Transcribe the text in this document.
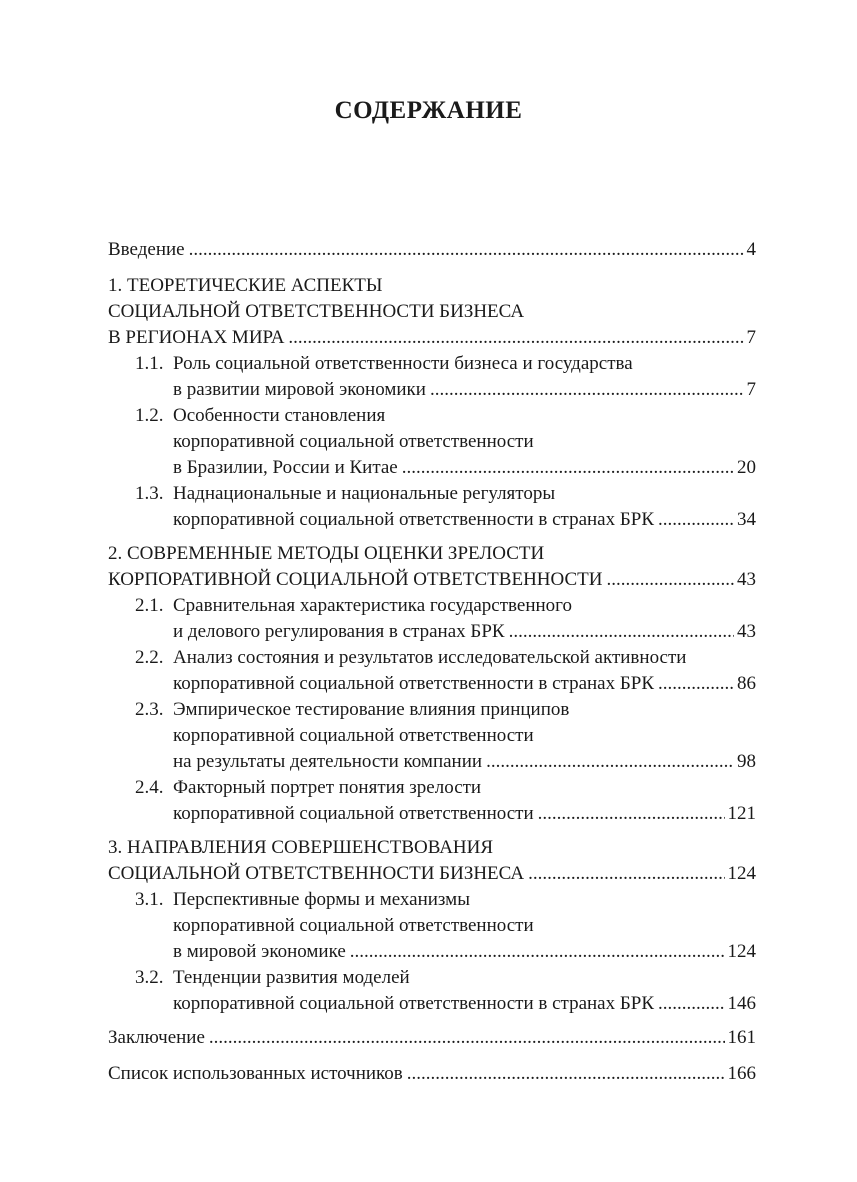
СОДЕРЖАНИЕ
Введение .....	4
1. ТЕОРЕТИЧЕСКИЕ АСПЕКТЫ
СОЦИАЛЬНОЙ ОТВЕТСТВЕННОСТИ БИЗНЕСА
В РЕГИОНАХ МИРА .....	7
1.1. Роль социальной ответственности бизнеса и государства
в развитии мировой экономики .....	7
1.2. Особенности становления
корпоративной социальной ответственности
в Бразилии, России и Китае .....	20
1.3. Наднациональные и национальные регуляторы
корпоративной социальной ответственности в странах БРК .....	34
2. СОВРЕМЕННЫЕ МЕТОДЫ ОЦЕНКИ ЗРЕЛОСТИ
КОРПОРАТИВНОЙ СОЦИАЛЬНОЙ ОТВЕТСТВЕННОСТИ .....	43
2.1. Сравнительная характеристика государственного
и делового регулирования в странах БРК .....	43
2.2. Анализ состояния и результатов исследовательской активности
корпоративной социальной ответственности в странах БРК .....	86
2.3. Эмпирическое тестирование влияния принципов
корпоративной социальной ответственности
на результаты деятельности компании .....	98
2.4. Факторный портрет понятия зрелости
корпоративной социальной ответственности .....	121
3. НАПРАВЛЕНИЯ СОВЕРШЕНСТВОВАНИЯ
СОЦИАЛЬНОЙ ОТВЕТСТВЕННОСТИ БИЗНЕСА .....	124
3.1. Перспективные формы и механизмы
корпоративной социальной ответственности
в мировой экономике .....	124
3.2. Тенденции развития моделей
корпоративной социальной ответственности в странах БРК .....	146
Заключение .....	161
Список использованных источников .....	166
